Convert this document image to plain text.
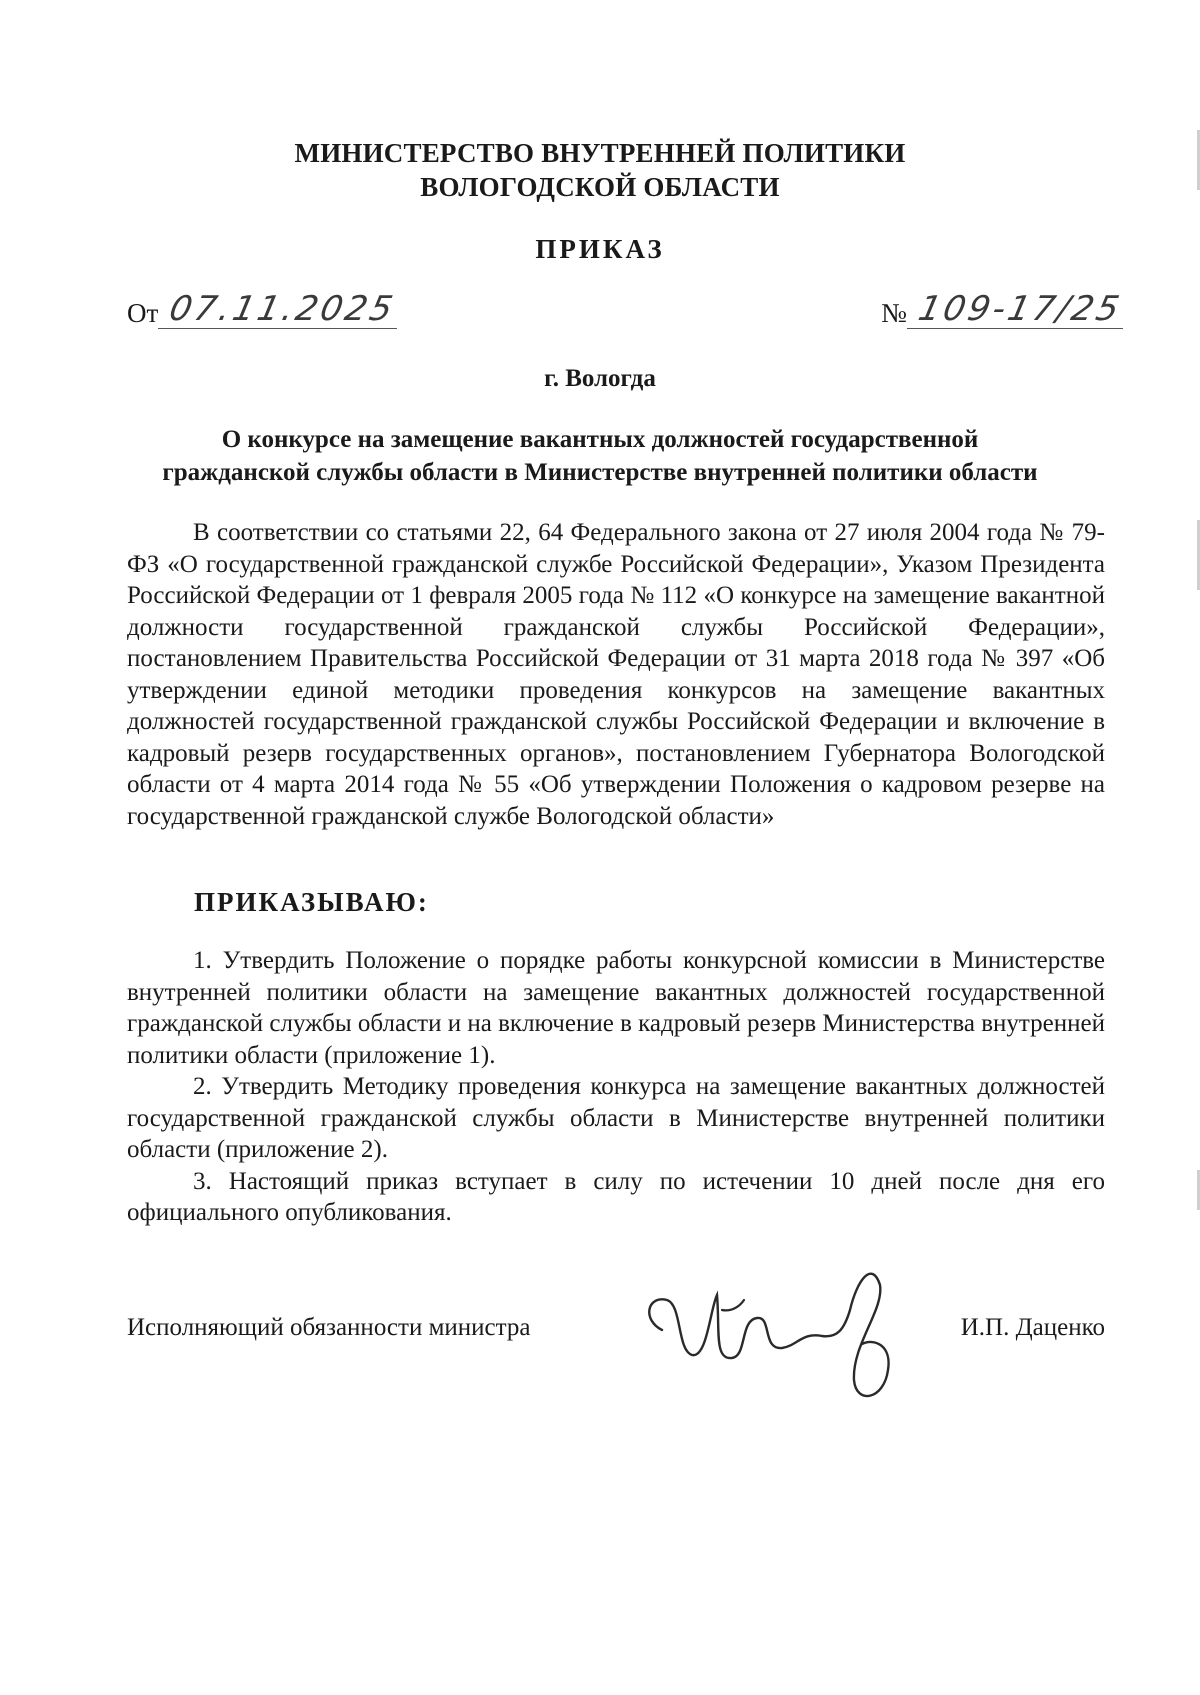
МИНИСТЕРСТВО ВНУТРЕННЕЙ ПОЛИТИКИ
ВОЛОГОДСКОЙ ОБЛАСТИ
ПРИКАЗ
От 07.11.2025	№ 109-17/25
г. Вологда
О конкурсе на замещение вакантных должностей государственной
гражданской службы области в Министерстве внутренней политики области
В соответствии со статьями 22, 64 Федерального закона от 27 июля 2004 года № 79-ФЗ «О государственной гражданской службе Российской Федерации», Указом Президента Российской Федерации от 1 февраля 2005 года № 112 «О конкурсе на замещение вакантной должности государственной гражданской службы Российской Федерации», постановлением Правительства Российской Федерации от 31 марта 2018 года № 397 «Об утверждении единой методики проведения конкурсов на замещение вакантных должностей государственной гражданской службы Российской Федерации и включение в кадровый резерв государственных органов», постановлением Губернатора Вологодской области от 4 марта 2014 года № 55 «Об утверждении Положения о кадровом резерве на государственной гражданской службе Вологодской области»
ПРИКАЗЫВАЮ:

1. Утвердить Положение о порядке работы конкурсной комиссии в Министерстве внутренней политики области на замещение вакантных должностей государственной гражданской службы области и на включение в кадровый резерв Министерства внутренней политики области (приложение 1).

2. Утвердить Методику проведения конкурса на замещение вакантных должностей государственной гражданской службы области в Министерстве внутренней политики области (приложение 2).

3. Настоящий приказ вступает в силу по истечении 10 дней после дня его официального опубликования.

Исполняющий обязанности министра	И.П. Даценко
